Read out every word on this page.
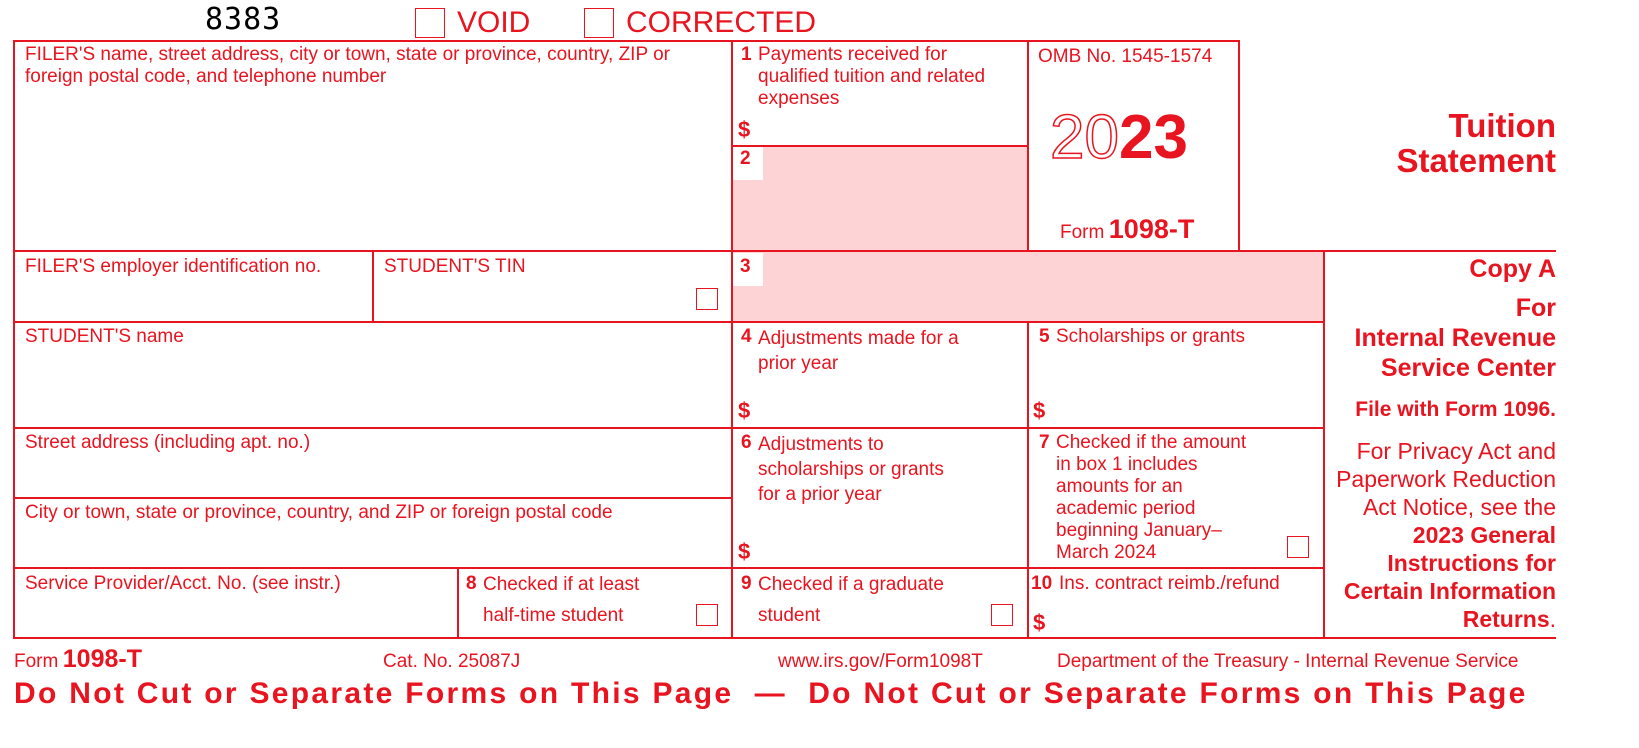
8383	VOID	CORRECTED
FILER'S name, street address, city or town, state or province, country, ZIP or
foreign postal code, and telephone number
1 Payments received for
qualified tuition and related
expenses
$
2
3
OMB No. 1545-1574
2023
Form 1098-T
Tuition
Statement
FILER'S employer identification no.	STUDENT'S TIN
STUDENT'S name	4 Adjustments made for a
prior year
$
5 Scholarships or grants
$
Street address (including apt. no.)
City or town, state or province, country, and ZIP or foreign postal code
6 Adjustments to
scholarships or grants
for a prior year
$
7 Checked if the amount
in box 1 includes
amounts for an
academic period
beginning January–
March 2024
Service Provider/Acct. No. (see instr.)	8 Checked if at least
half-time student
9 Checked if a graduate
student
10 Ins. contract reimb./refund
$
Copy A
For
Internal Revenue
Service Center
File with Form 1096.
For Privacy Act and
Paperwork Reduction
Act Notice, see the
2023 General
Instructions for
Certain Information
Returns.
Form 1098-T	Cat. No. 25087J	www.irs.gov/Form1098T	Department of the Treasury - Internal Revenue Service
Do Not Cut or Separate Forms on This Page  —  Do Not Cut or Separate Forms on This Page
